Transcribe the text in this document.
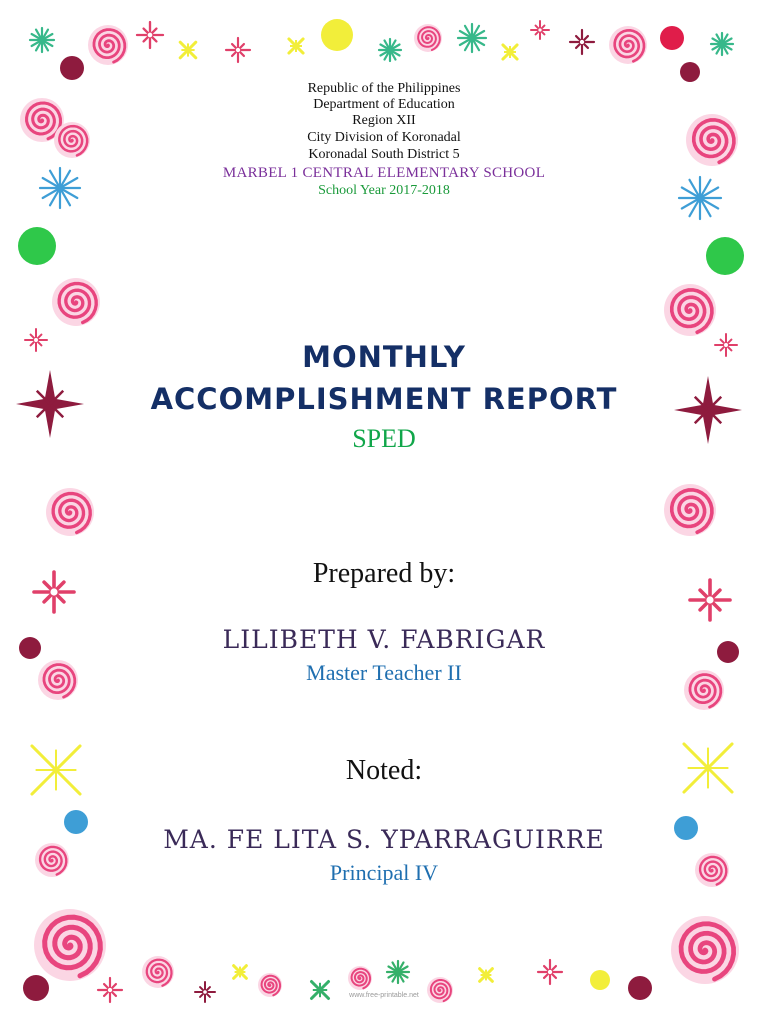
Republic of the Philippines
Department of Education
Region XII
City Division of Koronadal
Koronadal South District 5
MARBEL 1 CENTRAL ELEMENTARY SCHOOL
School Year 2017-2018
MONTHLY
ACCOMPLISHMENT REPORT
SPED
Prepared by:
LILIBETH V. FABRIGAR
Master Teacher II
Noted:
MA. FE LITA S. YPARRAGUIRRE
Principal IV
www.free-printable.net
